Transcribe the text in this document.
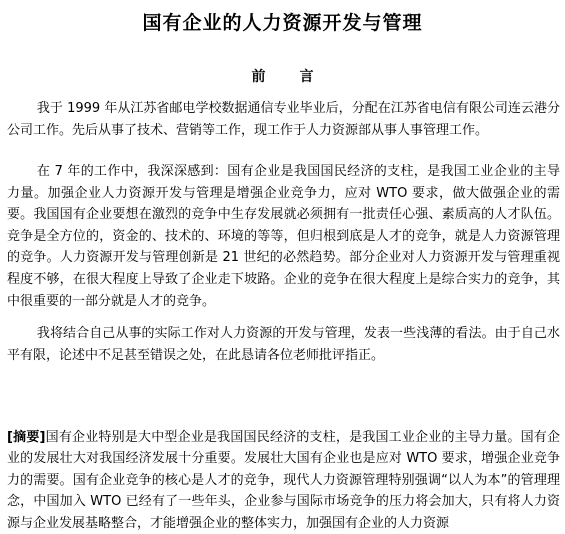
国有企业的人力资源开发与管理
前言

我于 1999 年从江苏省邮电学校数据通信专业毕业后，分配在江苏省电信有限公司连云港分公司工作。先后从事了技术、营销等工作，现工作于人力资源部从事人事管理工作。

在 7 年的工作中，我深深感到：国有企业是我国国民经济的支柱，是我国工业企业的主导力量。加强企业人力资源开发与管理是增强企业竞争力，应对 WTO 要求，做大做强企业的需要。我国国有企业要想在激烈的竞争中生存发展就必须拥有一批责任心强、素质高的人才队伍。竞争是全方位的，资金的、技术的、环境的等等，但归根到底是人才的竞争，就是人力资源管理的竞争。人力资源开发与管理创新是 21 世纪的必然趋势。部分企业对人力资源开发与管理重视程度不够，在很大程度上导致了企业走下坡路。企业的竞争在很大程度上是综合实力的竞争，其中很重要的一部分就是人才的竞争。

我将结合自己从事的实际工作对人力资源的开发与管理，发表一些浅薄的看法。由于自己水平有限，论述中不足甚至错误之处，在此恳请各位老师批评指正。

[摘要]国有企业特别是大中型企业是我国国民经济的支柱，是我国工业企业的主导力量。国有企业的发展壮大对我国经济发展十分重要。发展壮大国有企业也是应对 WTO 要求，增强企业竞争力的需要。国有企业竞争的核心是人才的竞争，现代人力资源管理特别强调“以人为本”的管理理念，中国加入 WTO 已经有了一些年头，企业参与国际市场竞争的压力将会加大，只有将人力资源与企业发展基略整合，才能增强企业的整体实力，加强国有企业的人力资源
